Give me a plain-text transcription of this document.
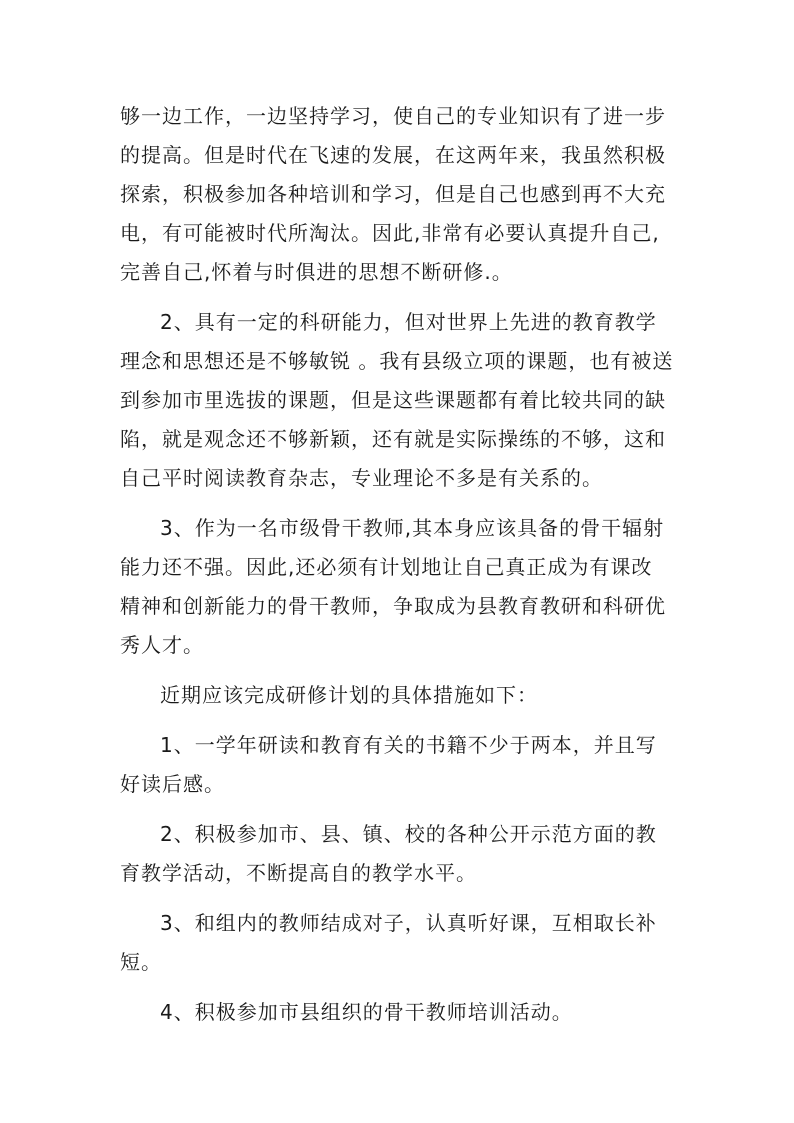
够一边工作，一边坚持学习，使自己的专业知识有了进一步
的提高。但是时代在飞速的发展，在这两年来，我虽然积极
探索，积极参加各种培训和学习，但是自己也感到再不大充
电，有可能被时代所淘汰。因此,非常有必要认真提升自己,
完善自己,怀着与时俱进的思想不断研修.。
2、具有一定的科研能力，但对世界上先进的教育教学
理念和思想还是不够敏锐 。我有县级立项的课题，也有被送
到参加市里选拔的课题，但是这些课题都有着比较共同的缺
陷，就是观念还不够新颖，还有就是实际操练的不够，这和
自己平时阅读教育杂志，专业理论不多是有关系的。
3、作为一名市级骨干教师,其本身应该具备的骨干辐射
能力还不强。因此,还必须有计划地让自己真正成为有课改
精神和创新能力的骨干教师，争取成为县教育教研和科研优
秀人才。
近期应该完成研修计划的具体措施如下：
1、一学年研读和教育有关的书籍不少于两本，并且写
好读后感。
2、积极参加市、县、镇、校的各种公开示范方面的教
育教学活动，不断提高自的教学水平。
3、和组内的教师结成对子，认真听好课，互相取长补
短。
4、积极参加市县组织的骨干教师培训活动。
